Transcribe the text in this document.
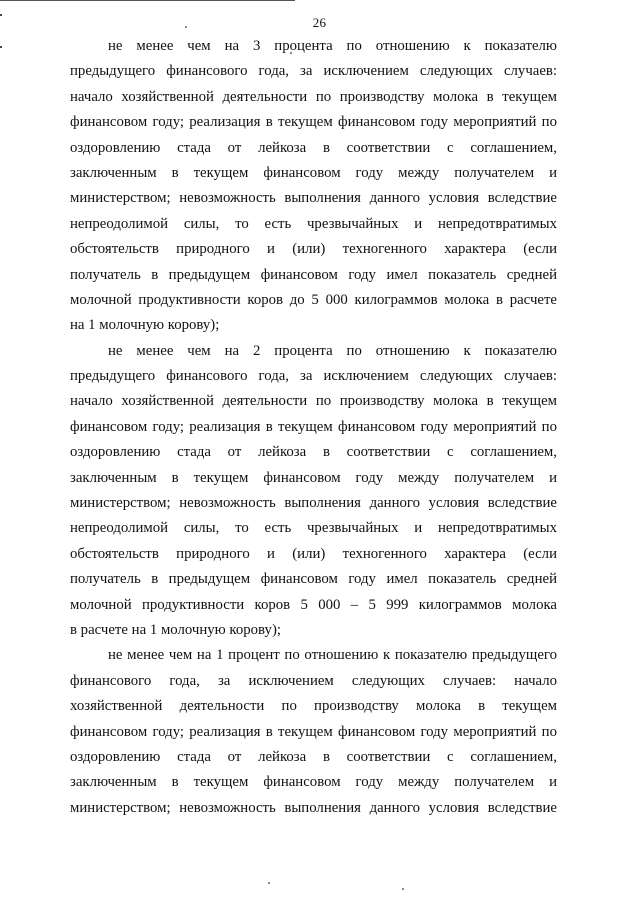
26
не менее чем на 3 процента по отношению к показателю
предыдущего финансового года, за исключением следующих случаев:
начало хозяйственной деятельности по производству молока в текущем
финансовом году; реализация в текущем финансовом году мероприятий по
оздоровлению стада от лейкоза в соответствии с соглашением,
заключенным в текущем финансовом году между получателем и
министерством; невозможность выполнения данного условия вследствие
непреодолимой силы, то есть чрезвычайных и непредотвратимых
обстоятельств природного и (или) техногенного характера (если
получатель в предыдущем финансовом году имел показатель средней
молочной продуктивности коров до 5 000 килограммов молока в расчете
на 1 молочную корову);
не менее чем на 2 процента по отношению к показателю
предыдущего финансового года, за исключением следующих случаев:
начало хозяйственной деятельности по производству молока в текущем
финансовом году; реализация в текущем финансовом году мероприятий по
оздоровлению стада от лейкоза в соответствии с соглашением,
заключенным в текущем финансовом году между получателем и
министерством; невозможность выполнения данного условия вследствие
непреодолимой силы, то есть чрезвычайных и непредотвратимых
обстоятельств природного и (или) техногенного характера (если
получатель в предыдущем финансовом году имел показатель средней
молочной продуктивности коров 5 000 – 5 999 килограммов молока
в расчете на 1 молочную корову);
не менее чем на 1 процент по отношению к показателю предыдущего
финансового года, за исключением следующих случаев: начало
хозяйственной деятельности по производству молока в текущем
финансовом году; реализация в текущем финансовом году мероприятий по
оздоровлению стада от лейкоза в соответствии с соглашением,
заключенным в текущем финансовом году между получателем и
министерством; невозможность выполнения данного условия вследствие
